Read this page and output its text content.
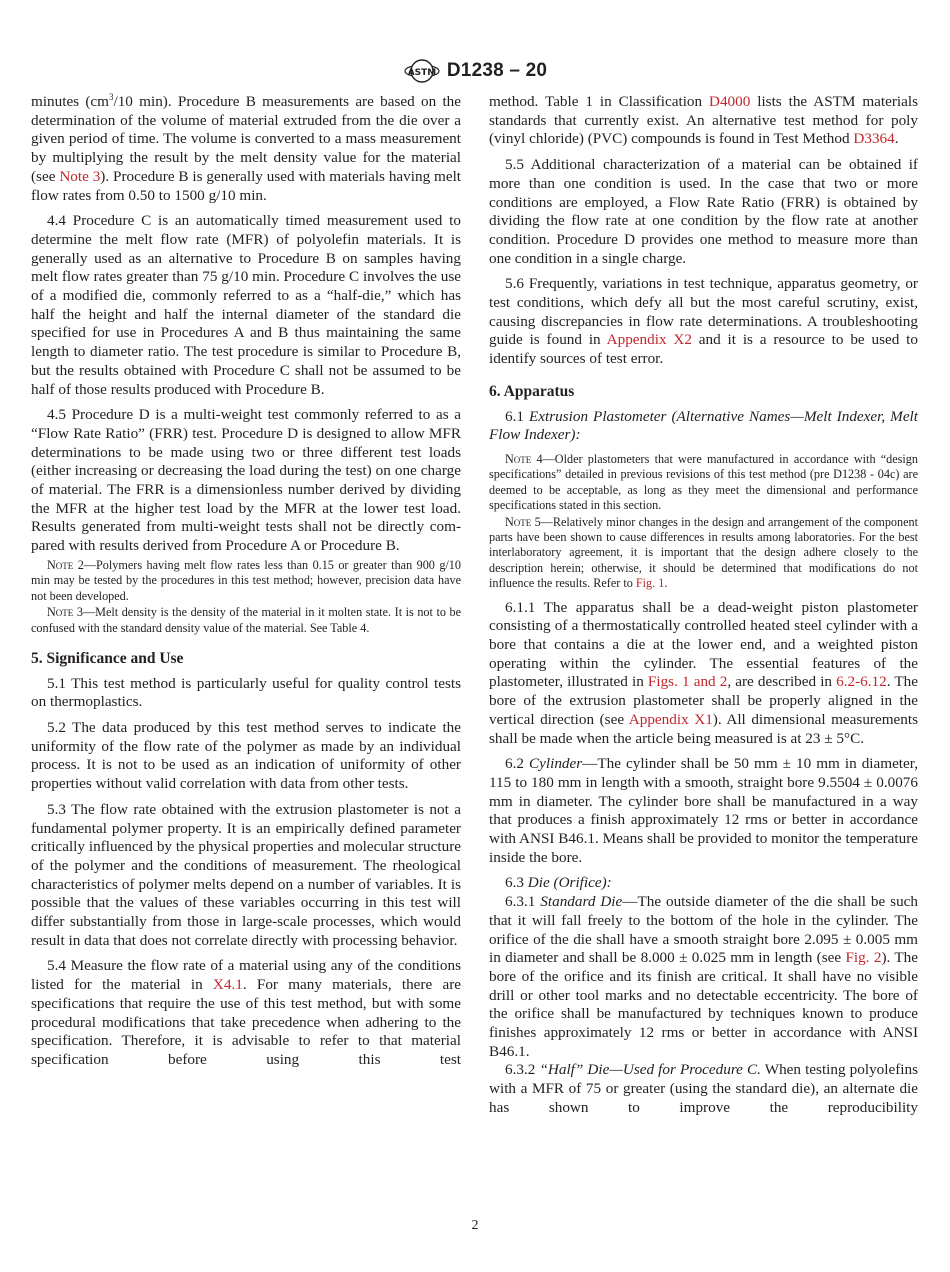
ASTM D1238 – 20

minutes ($cm^3/10$ min). Procedure B measurements are based on the determination of the volume of material extruded from the die over a given period of time. The volume is converted to a mass measurement by multiplying the result by the melt density value for the material (see Note 3). Procedure B is generally used with materials having melt flow rates from 0.50 to 1500 g/10 min.

4.4 Procedure C is an automatically timed measurement used to determine the melt flow rate (MFR) of polyolefin materials. It is generally used as an alternative to Procedure B on samples having melt flow rates greater than 75 g/10 min. Procedure C involves the use of a modified die, commonly referred to as a “half-die,” which has half the height and half the internal diameter of the standard die specified for use in Procedures A and B thus maintaining the same length to diameter ratio. The test procedure is similar to Procedure B, but the results obtained with Procedure C shall not be assumed to be half of those results produced with Procedure B.

4.5 Procedure D is a multi-weight test commonly referred to as a “Flow Rate Ratio” (FRR) test. Procedure D is designed to allow MFR determinations to be made using two or three different test loads (either increasing or decreasing the load during the test) on one charge of material. The FRR is a dimensionless number derived by dividing the MFR at the higher test load by the MFR at the lower test load. Results generated from multi-weight tests shall not be directly compared with results derived from Procedure A or Procedure B.

Note 2—Polymers having melt flow rates less than 0.15 or greater than 900 g/10 min may be tested by the procedures in this test method; however, precision data have not been developed.

Note 3—Melt density is the density of the material in it molten state. It is not to be confused with the standard density value of the material. See Table 4.

5. Significance and Use

5.1 This test method is particularly useful for quality control tests on thermoplastics.

5.2 The data produced by this test method serves to indicate the uniformity of the flow rate of the polymer as made by an individual process. It is not to be used as an indication of uniformity of other properties without valid correlation with data from other tests.

5.3 The flow rate obtained with the extrusion plastometer is not a fundamental polymer property. It is an empirically defined parameter critically influenced by the physical properties and molecular structure of the polymer and the conditions of measurement. The rheological characteristics of polymer melts depend on a number of variables. It is possible that the values of these variables occurring in this test will differ substantially from those in large-scale processes, which would result in data that does not correlate directly with processing behavior.

5.4 Measure the flow rate of a material using any of the conditions listed for the material in X4.1. For many materials, there are specifications that require the use of this test method, but with some procedural modifications that take precedence when adhering to the specification. Therefore, it is advisable to refer to that material specification before using this test

method. Table 1 in Classification D4000 lists the ASTM materials standards that currently exist. An alternative test method for poly (vinyl chloride) (PVC) compounds is found in Test Method D3364.

5.5 Additional characterization of a material can be obtained if more than one condition is used. In the case that two or more conditions are employed, a Flow Rate Ratio (FRR) is obtained by dividing the flow rate at one condition by the flow rate at another condition. Procedure D provides one method to measure more than one condition in a single charge.

5.6 Frequently, variations in test technique, apparatus geometry, or test conditions, which defy all but the most careful scrutiny, exist, causing discrepancies in flow rate determinations. A troubleshooting guide is found in Appendix X2 and it is a resource to be used to identify sources of test error.

6. Apparatus

6.1 Extrusion Plastometer (Alternative Names—Melt Indexer, Melt Flow Indexer):

Note 4—Older plastometers that were manufactured in accordance with “design specifications” detailed in previous revisions of this test method (pre D1238 - 04c) are deemed to be acceptable, as long as they meet the dimensional and performance specifications stated in this section.

Note 5—Relatively minor changes in the design and arrangement of the component parts have been shown to cause differences in results among laboratories. For the best interlaboratory agreement, it is important that the design adhere closely to the description herein; otherwise, it should be determined that modifications do not influence the results. Refer to Fig. 1.

6.1.1 The apparatus shall be a dead-weight piston plastometer consisting of a thermostatically controlled heated steel cylinder with a bore that contains a die at the lower end, and a weighted piston operating within the cylinder. The essential features of the plastometer, illustrated in Figs. 1 and 2, are described in 6.2-6.12. The bore of the extrusion plastometer shall be properly aligned in the vertical direction (see Appendix X1). All dimensional measurements shall be made when the article being measured is at 23 ± 5°C.

6.2 Cylinder—The cylinder shall be 50 mm ± 10 mm in diameter, 115 to 180 mm in length with a smooth, straight bore 9.5504 ± 0.0076 mm in diameter. The cylinder bore shall be manufactured in a way that produces a finish approximately 12 rms or better in accordance with ANSI B46.1. Means shall be provided to monitor the temperature inside the bore.

6.3 Die (Orifice):

6.3.1 Standard Die—The outside diameter of the die shall be such that it will fall freely to the bottom of the hole in the cylinder. The orifice of the die shall have a smooth straight bore 2.095 ± 0.005 mm in diameter and shall be 8.000 ± 0.025 mm in length (see Fig. 2). The bore of the orifice and its finish are critical. It shall have no visible drill or other tool marks and no detectable eccentricity. The bore of the orifice shall be manufactured by techniques known to produce finishes approximately 12 rms or better in accordance with ANSI B46.1.

6.3.2 “Half” Die—Used for Procedure C. When testing polyolefins with a MFR of 75 or greater (using the standard die), an alternate die has shown to improve the reproducibility

2
